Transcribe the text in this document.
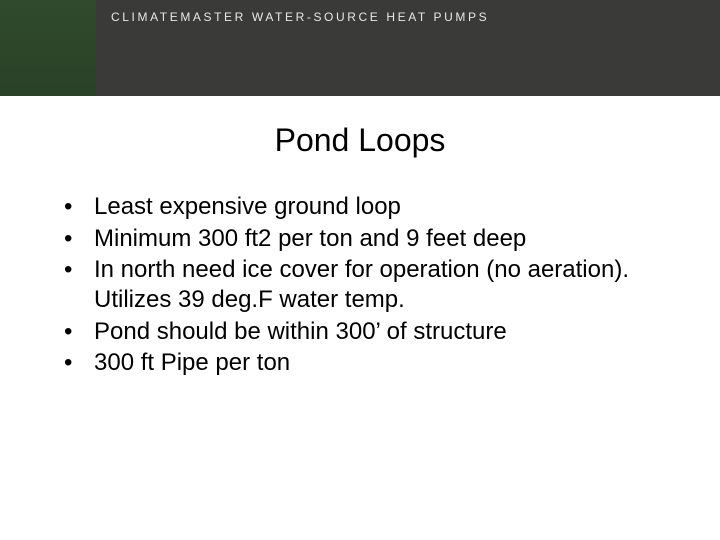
CLIMATEMASTER WATER-SOURCE HEAT PUMPS
Pond Loops
• Least expensive ground loop
• Minimum 300 ft2 per ton and 9 feet deep
• In north need ice cover for operation (no aeration). Utilizes 39 deg.F water temp.
• Pond should be within 300’ of structure
• 300 ft Pipe per ton
